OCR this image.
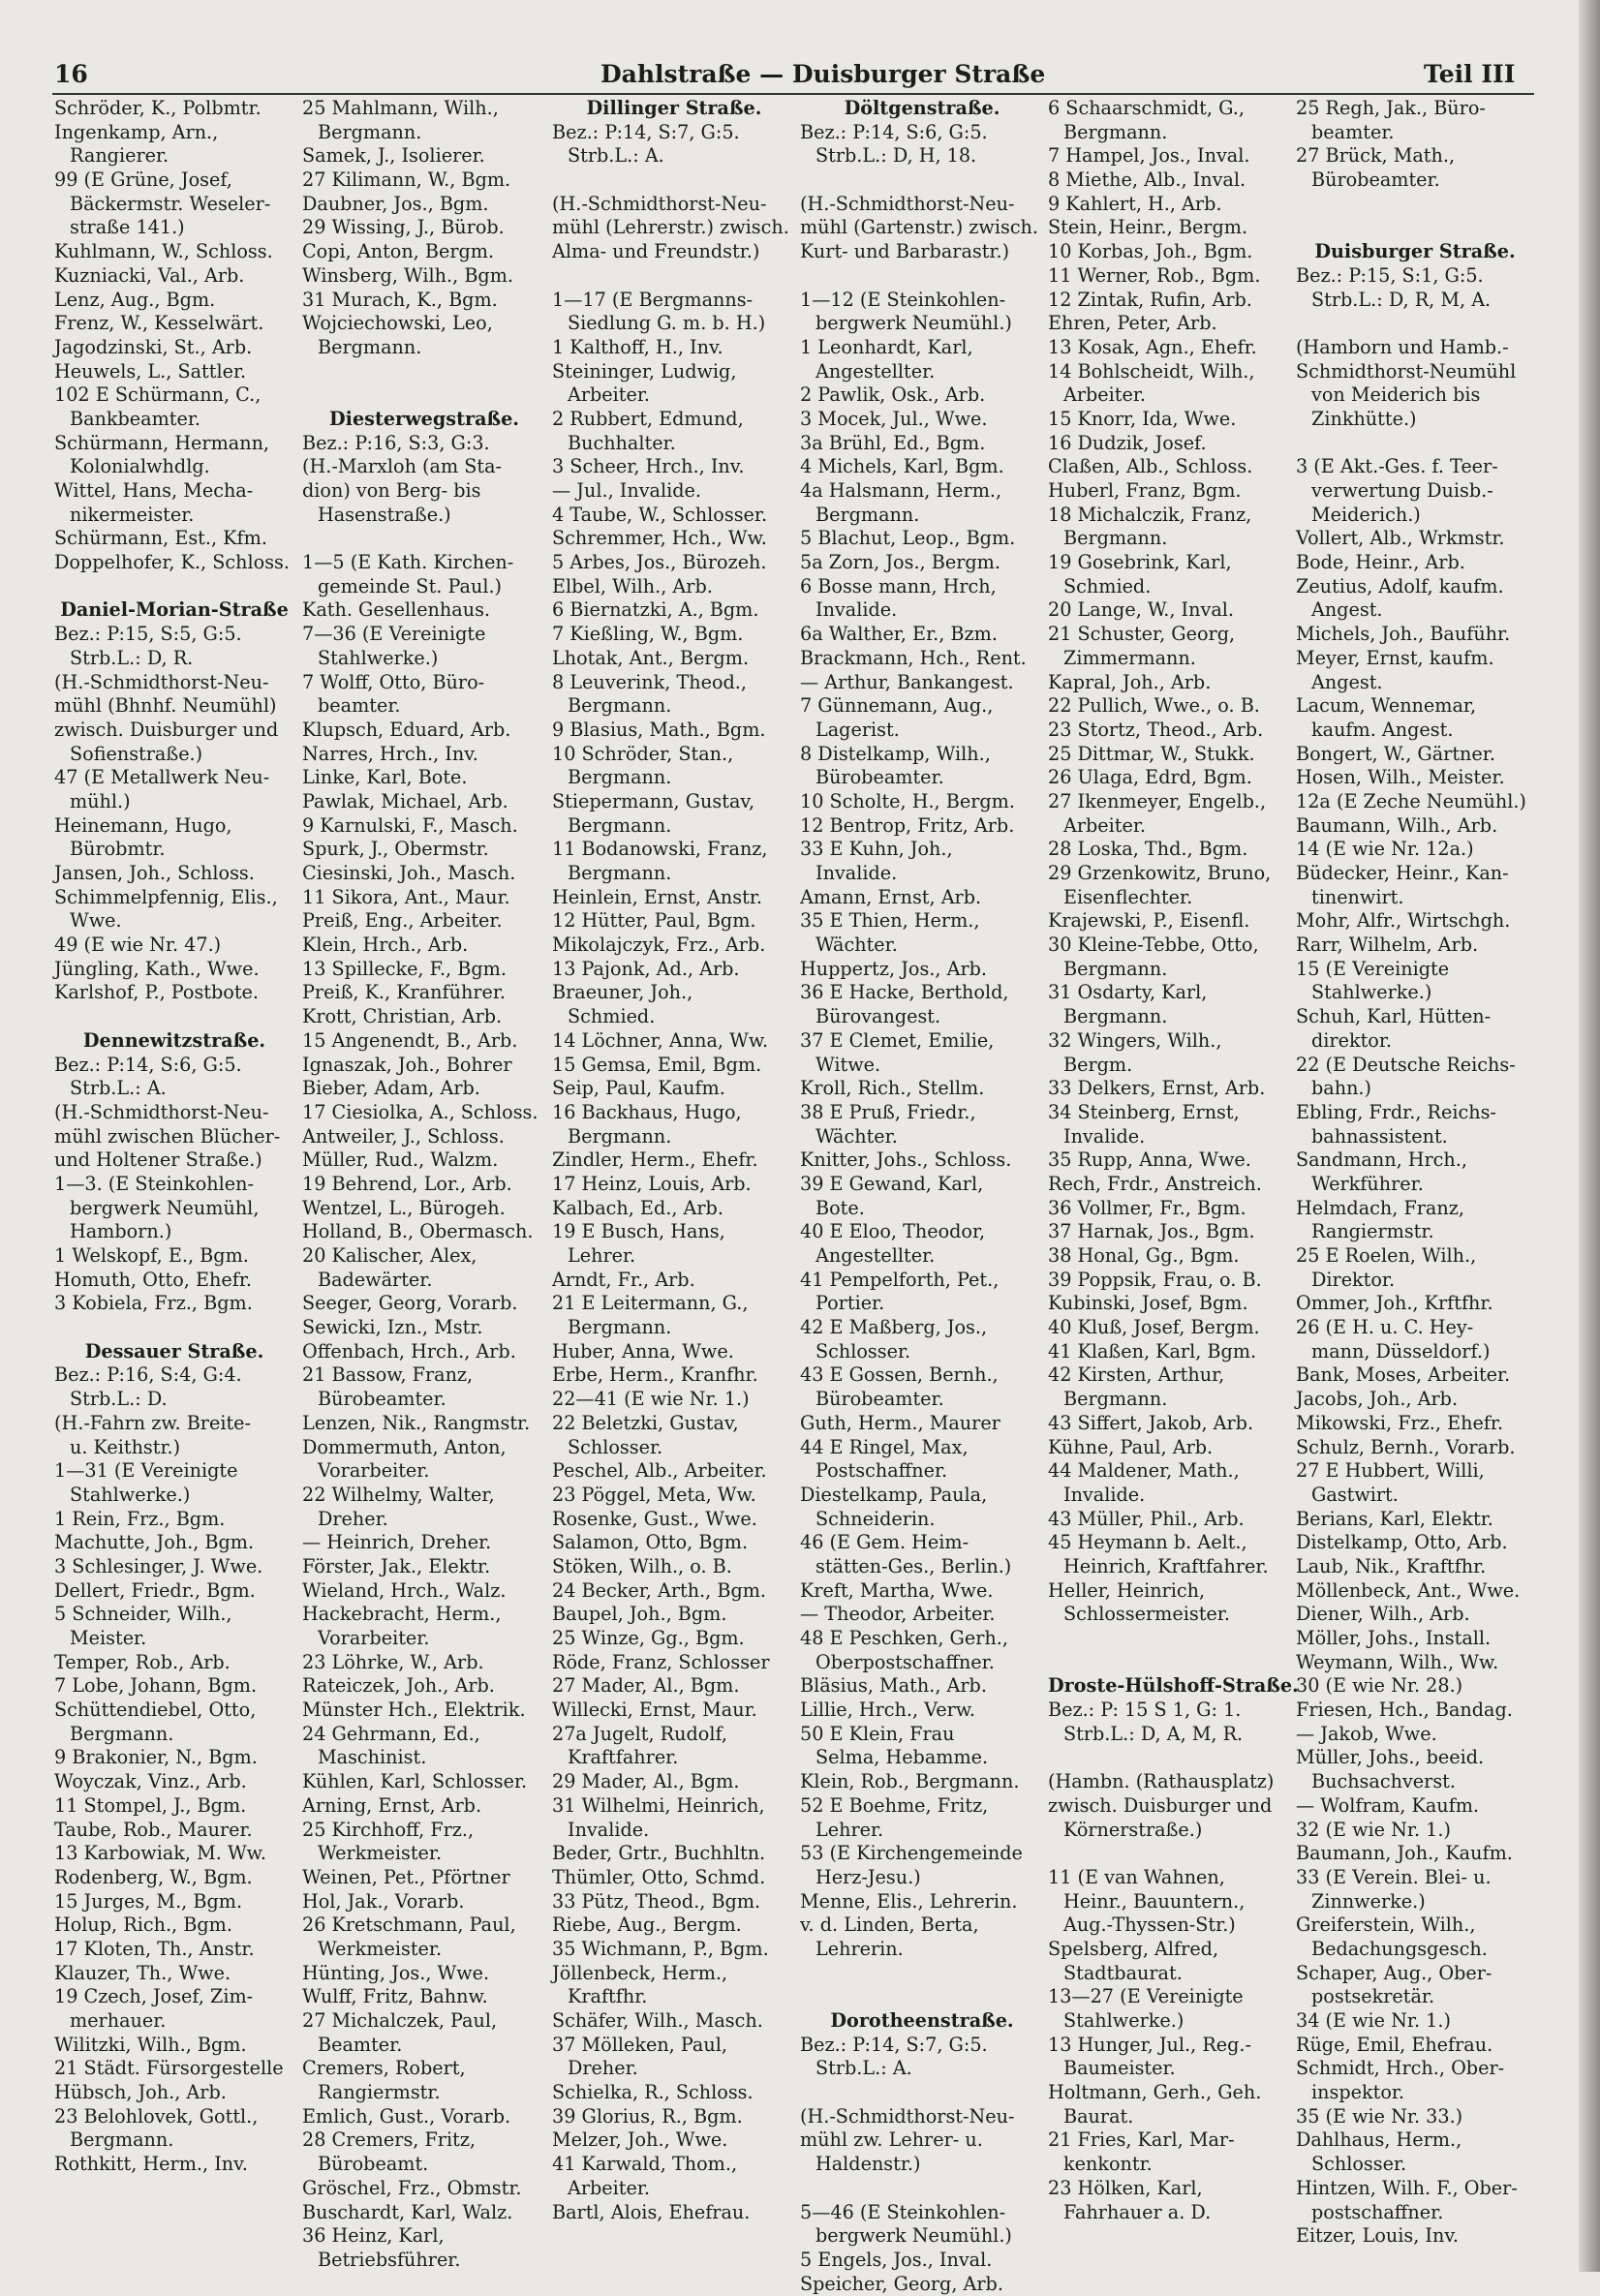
16	Dahlstraße — Duisburger Straße	Teil III
Schröder, K., Polbmtr.
Ingenkamp, Arn.,
Rangierer.
99 (E Grüne, Josef,
Bäckermstr. Weseler-
straße 141.)
Kuhlmann, W., Schloss.
Kuzniacki, Val., Arb.
Lenz, Aug., Bgm.
Frenz, W., Kesselwärt.
Jagodzinski, St., Arb.
Heuwels, L., Sattler.
102 E Schürmann, C.,
Bankbeamter.
Schürmann, Hermann,
Kolonialwhdlg.
Wittel, Hans, Mecha-
nikermeister.
Schürmann, Est., Kfm.
Doppelhofer, K., Schloss.
Daniel-Morian-Straße
Bez.: P:15, S:5, G:5.
Strb.L.: D, R.
(H.-Schmidthorst-Neu-
mühl (Bhnhf. Neumühl)
zwisch. Duisburger und
Sofienstraße.)
47 (E Metallwerk Neu-
mühl.)
Heinemann, Hugo,
Bürobmtr.
Jansen, Joh., Schloss.
Schimmelpfennig, Elis.,
Wwe.
49 (E wie Nr. 47.)
Jüngling, Kath., Wwe.
Karlshof, P., Postbote.
Dennewitzstraße.
Bez.: P:14, S:6, G:5.
Strb.L.: A.
(H.-Schmidthorst-Neu-
mühl zwischen Blücher-
und Holtener Straße.)
1—3. (E Steinkohlen-
bergwerk Neumühl,
Hamborn.)
1 Welskopf, E., Bgm.
Homuth, Otto, Ehefr.
3 Kobiela, Frz., Bgm.
Dessauer Straße.
Bez.: P:16, S:4, G:4.
Strb.L.: D.
(H.-Fahrn zw. Breite-
u. Keithstr.)
1—31 (E Vereinigte
Stahlwerke.)
1 Rein, Frz., Bgm.
Machutte, Joh., Bgm.
3 Schlesinger, J. Wwe.
Dellert, Friedr., Bgm.
5 Schneider, Wilh.,
Meister.
Temper, Rob., Arb.
7 Lobe, Johann, Bgm.
Schüttendiebel, Otto,
Bergmann.
9 Brakonier, N., Bgm.
Woyczak, Vinz., Arb.
11 Stompel, J., Bgm.
Taube, Rob., Maurer.
13 Karbowiak, M. Ww.
Rodenberg, W., Bgm.
15 Jurges, M., Bgm.
Holup, Rich., Bgm.
17 Kloten, Th., Anstr.
Klauzer, Th., Wwe.
19 Czech, Josef, Zim-
merhauer.
Wilitzki, Wilh., Bgm.
21 Städt. Fürsorgestelle
Hübsch, Joh., Arb.
23 Belohlovek, Gottl.,
Bergmann.
Rothkitt, Herm., Inv.
25 Mahlmann, Wilh.,
Bergmann.
Samek, J., Isolierer.
27 Kilimann, W., Bgm.
Daubner, Jos., Bgm.
29 Wissing, J., Bürob.
Copi, Anton, Bergm.
Winsberg, Wilh., Bgm.
31 Murach, K., Bgm.
Wojciechowski, Leo,
Bergmann.
Diesterwegstraße.
Bez.: P:16, S:3, G:3.
(H.-Marxloh (am Sta-
dion) von Berg- bis
Hasenstraße.)
1—5 (E Kath. Kirchen-
gemeinde St. Paul.)
Kath. Gesellenhaus.
7—36 (E Vereinigte
Stahlwerke.)
7 Wolff, Otto, Büro-
beamter.
Klupsch, Eduard, Arb.
Narres, Hrch., Inv.
Linke, Karl, Bote.
Pawlak, Michael, Arb.
9 Karnulski, F., Masch.
Spurk, J., Obermstr.
Ciesinski, Joh., Masch.
11 Sikora, Ant., Maur.
Preiß, Eng., Arbeiter.
Klein, Hrch., Arb.
13 Spillecke, F., Bgm.
Preiß, K., Kranführer.
Krott, Christian, Arb.
15 Angenendt, B., Arb.
Ignaszak, Joh., Bohrer
Bieber, Adam, Arb.
17 Ciesiolka, A., Schloss.
Antweiler, J., Schloss.
Müller, Rud., Walzm.
19 Behrend, Lor., Arb.
Wentzel, L., Bürogeh.
Holland, B., Obermasch.
20 Kalischer, Alex,
Badewärter.
Seeger, Georg, Vorarb.
Sewicki, Izn., Mstr.
Offenbach, Hrch., Arb.
21 Bassow, Franz,
Bürobeamter.
Lenzen, Nik., Rangmstr.
Dommermuth, Anton,
Vorarbeiter.
22 Wilhelmy, Walter,
Dreher.
— Heinrich, Dreher.
Förster, Jak., Elektr.
Wieland, Hrch., Walz.
Hackebracht, Herm.,
Vorarbeiter.
23 Löhrke, W., Arb.
Rateiczek, Joh., Arb.
Münster Hch., Elektrik.
24 Gehrmann, Ed.,
Maschinist.
Kühlen, Karl, Schlosser.
Arning, Ernst, Arb.
25 Kirchhoff, Frz.,
Werkmeister.
Weinen, Pet., Pförtner
Hol, Jak., Vorarb.
26 Kretschmann, Paul,
Werkmeister.
Hünting, Jos., Wwe.
Wulff, Fritz, Bahnw.
27 Michalczek, Paul,
Beamter.
Cremers, Robert,
Rangiermstr.
Emlich, Gust., Vorarb.
28 Cremers, Fritz,
Bürobeamt.
Gröschel, Frz., Obmstr.
Buschardt, Karl, Walz.
36 Heinz, Karl,
Betriebsführer.
Dillinger Straße.
Bez.: P:14, S:7, G:5.
Strb.L.: A.
(H.-Schmidthorst-Neu-
mühl (Lehrerstr.) zwisch.
Alma- und Freundstr.)
1—17 (E Bergmanns-
Siedlung G. m. b. H.)
1 Kalthoff, H., Inv.
Steininger, Ludwig,
Arbeiter.
2 Rubbert, Edmund,
Buchhalter.
3 Scheer, Hrch., Inv.
— Jul., Invalide.
4 Taube, W., Schlosser.
Schremmer, Hch., Ww.
5 Arbes, Jos., Bürozeh.
Elbel, Wilh., Arb.
6 Biernatzki, A., Bgm.
7 Kießling, W., Bgm.
Lhotak, Ant., Bergm.
8 Leuverink, Theod.,
Bergmann.
9 Blasius, Math., Bgm.
10 Schröder, Stan.,
Bergmann.
Stiepermann, Gustav,
Bergmann.
11 Bodanowski, Franz,
Bergmann.
Heinlein, Ernst, Anstr.
12 Hütter, Paul, Bgm.
Mikolajczyk, Frz., Arb.
13 Pajonk, Ad., Arb.
Braeuner, Joh.,
Schmied.
14 Löchner, Anna, Ww.
15 Gemsa, Emil, Bgm.
Seip, Paul, Kaufm.
16 Backhaus, Hugo,
Bergmann.
Zindler, Herm., Ehefr.
17 Heinz, Louis, Arb.
Kalbach, Ed., Arb.
19 E Busch, Hans,
Lehrer.
Arndt, Fr., Arb.
21 E Leitermann, G.,
Bergmann.
Huber, Anna, Wwe.
Erbe, Herm., Kranfhr.
22—41 (E wie Nr. 1.)
22 Beletzki, Gustav,
Schlosser.
Peschel, Alb., Arbeiter.
23 Pöggel, Meta, Ww.
Rosenke, Gust., Wwe.
Salamon, Otto, Bgm.
Stöken, Wilh., o. B.
24 Becker, Arth., Bgm.
Baupel, Joh., Bgm.
25 Winze, Gg., Bgm.
Röde, Franz, Schlosser
27 Mader, Al., Bgm.
Willecki, Ernst, Maur.
27a Jugelt, Rudolf,
Kraftfahrer.
29 Mader, Al., Bgm.
31 Wilhelmi, Heinrich,
Invalide.
Beder, Grtr., Buchhltn.
Thümler, Otto, Schmd.
33 Pütz, Theod., Bgm.
Riebe, Aug., Bergm.
35 Wichmann, P., Bgm.
Jöllenbeck, Herm.,
Kraftfhr.
Schäfer, Wilh., Masch.
37 Mölleken, Paul,
Dreher.
Schielka, R., Schloss.
39 Glorius, R., Bgm.
Melzer, Joh., Wwe.
41 Karwald, Thom.,
Arbeiter.
Bartl, Alois, Ehefrau.
Döltgenstraße.
Bez.: P:14, S:6, G:5.
Strb.L.: D, H, 18.
(H.-Schmidthorst-Neu-
mühl (Gartenstr.) zwisch.
Kurt- und Barbarastr.)
1—12 (E Steinkohlen-
bergwerk Neumühl.)
1 Leonhardt, Karl,
Angestellter.
2 Pawlik, Osk., Arb.
3 Mocek, Jul., Wwe.
3a Brühl, Ed., Bgm.
4 Michels, Karl, Bgm.
4a Halsmann, Herm.,
Bergmann.
5 Blachut, Leop., Bgm.
5a Zorn, Jos., Bergm.
6 Bosse mann, Hrch,
Invalide.
6a Walther, Er., Bzm.
Brackmann, Hch., Rent.
— Arthur, Bankangest.
7 Günnemann, Aug.,
Lagerist.
8 Distelkamp, Wilh.,
Bürobeamter.
10 Scholte, H., Bergm.
12 Bentrop, Fritz, Arb.
33 E Kuhn, Joh.,
Invalide.
Amann, Ernst, Arb.
35 E Thien, Herm.,
Wächter.
Huppertz, Jos., Arb.
36 E Hacke, Berthold,
Bürovangest.
37 E Clemet, Emilie,
Witwe.
Kroll, Rich., Stellm.
38 E Pruß, Friedr.,
Wächter.
Knitter, Johs., Schloss.
39 E Gewand, Karl,
Bote.
40 E Eloo, Theodor,
Angestellter.
41 Pempelforth, Pet.,
Portier.
42 E Maßberg, Jos.,
Schlosser.
43 E Gossen, Bernh.,
Bürobeamter.
Guth, Herm., Maurer
44 E Ringel, Max,
Postschaffner.
Diestelkamp, Paula,
Schneiderin.
46 (E Gem. Heim-
stätten-Ges., Berlin.)
Kreft, Martha, Wwe.
— Theodor, Arbeiter.
48 E Peschken, Gerh.,
Oberpostschaffner.
Bläsius, Math., Arb.
Lillie, Hrch., Verw.
50 E Klein, Frau
Selma, Hebamme.
Klein, Rob., Bergmann.
52 E Boehme, Fritz,
Lehrer.
53 (E Kirchengemeinde
Herz-Jesu.)
Menne, Elis., Lehrerin.
v. d. Linden, Berta,
Lehrerin.
Dorotheenstraße.
Bez.: P:14, S:7, G:5.
Strb.L.: A.
(H.-Schmidthorst-Neu-
mühl zw. Lehrer- u.
Haldenstr.)
5—46 (E Steinkohlen-
bergwerk Neumühl.)
5 Engels, Jos., Inval.
Speicher, Georg, Arb.
6 Schaarschmidt, G.,
Bergmann.
7 Hampel, Jos., Inval.
8 Miethe, Alb., Inval.
9 Kahlert, H., Arb.
Stein, Heinr., Bergm.
10 Korbas, Joh., Bgm.
11 Werner, Rob., Bgm.
12 Zintak, Rufin, Arb.
Ehren, Peter, Arb.
13 Kosak, Agn., Ehefr.
14 Bohlscheidt, Wilh.,
Arbeiter.
15 Knorr, Ida, Wwe.
16 Dudzik, Josef.
Claßen, Alb., Schloss.
Huberl, Franz, Bgm.
18 Michalczik, Franz,
Bergmann.
19 Gosebrink, Karl,
Schmied.
20 Lange, W., Inval.
21 Schuster, Georg,
Zimmermann.
Kapral, Joh., Arb.
22 Pullich, Wwe., o. B.
23 Stortz, Theod., Arb.
25 Dittmar, W., Stukk.
26 Ulaga, Edrd, Bgm.
27 Ikenmeyer, Engelb.,
Arbeiter.
28 Loska, Thd., Bgm.
29 Grzenkowitz, Bruno,
Eisenflechter.
Krajewski, P., Eisenfl.
30 Kleine-Tebbe, Otto,
Bergmann.
31 Osdarty, Karl,
Bergmann.
32 Wingers, Wilh.,
Bergm.
33 Delkers, Ernst, Arb.
34 Steinberg, Ernst,
Invalide.
35 Rupp, Anna, Wwe.
Rech, Frdr., Anstreich.
36 Vollmer, Fr., Bgm.
37 Harnak, Jos., Bgm.
38 Honal, Gg., Bgm.
39 Poppsik, Frau, o. B.
Kubinski, Josef, Bgm.
40 Kluß, Josef, Bergm.
41 Klaßen, Karl, Bgm.
42 Kirsten, Arthur,
Bergmann.
43 Siffert, Jakob, Arb.
Kühne, Paul, Arb.
44 Maldener, Math.,
Invalide.
43 Müller, Phil., Arb.
45 Heymann b. Aelt.,
Heinrich, Kraftfahrer.
Heller, Heinrich,
Schlossermeister.
Droste-Hülshoff-Straße.
Bez.: P: 15 S 1, G: 1.
Strb.L.: D, A, M, R.
(Hambn. (Rathausplatz)
zwisch. Duisburger und
Körnerstraße.)
11 (E van Wahnen,
Heinr., Bauuntern.,
Aug.-Thyssen-Str.)
Spelsberg, Alfred,
Stadtbaurat.
13—27 (E Vereinigte
Stahlwerke.)
13 Hunger, Jul., Reg.-
Baumeister.
Holtmann, Gerh., Geh.
Baurat.
21 Fries, Karl, Mar-
kenkontr.
23 Hölken, Karl,
Fahrhauer a. D.
25 Regh, Jak., Büro-
beamter.
27 Brück, Math.,
Bürobeamter.
Duisburger Straße.
Bez.: P:15, S:1, G:5.
Strb.L.: D, R, M, A.
(Hamborn und Hamb.-
Schmidthorst-Neumühl
von Meiderich bis
Zinkhütte.)
3 (E Akt.-Ges. f. Teer-
verwertung Duisb.-
Meiderich.)
Vollert, Alb., Wrkmstr.
Bode, Heinr., Arb.
Zeutius, Adolf, kaufm.
Angest.
Michels, Joh., Bauführ.
Meyer, Ernst, kaufm.
Angest.
Lacum, Wennemar,
kaufm. Angest.
Bongert, W., Gärtner.
Hosen, Wilh., Meister.
12a (E Zeche Neumühl.)
Baumann, Wilh., Arb.
14 (E wie Nr. 12a.)
Büdecker, Heinr., Kan-
tinenwirt.
Mohr, Alfr., Wirtschgh.
Rarr, Wilhelm, Arb.
15 (E Vereinigte
Stahlwerke.)
Schuh, Karl, Hütten-
direktor.
22 (E Deutsche Reichs-
bahn.)
Ebling, Frdr., Reichs-
bahnassistent.
Sandmann, Hrch.,
Werkführer.
Helmdach, Franz,
Rangiermstr.
25 E Roelen, Wilh.,
Direktor.
Ommer, Joh., Krftfhr.
26 (E H. u. C. Hey-
mann, Düsseldorf.)
Bank, Moses, Arbeiter.
Jacobs, Joh., Arb.
Mikowski, Frz., Ehefr.
Schulz, Bernh., Vorarb.
27 E Hubbert, Willi,
Gastwirt.
Berians, Karl, Elektr.
Distelkamp, Otto, Arb.
Laub, Nik., Kraftfhr.
Möllenbeck, Ant., Wwe.
Diener, Wilh., Arb.
Möller, Johs., Install.
Weymann, Wilh., Ww.
30 (E wie Nr. 28.)
Friesen, Hch., Bandag.
— Jakob, Wwe.
Müller, Johs., beeid.
Buchsachverst.
— Wolfram, Kaufm.
32 (E wie Nr. 1.)
Baumann, Joh., Kaufm.
33 (E Verein. Blei- u.
Zinnwerke.)
Greiferstein, Wilh.,
Bedachungsgesch.
Schaper, Aug., Ober-
postsekretär.
34 (E wie Nr. 1.)
Rüge, Emil, Ehefrau.
Schmidt, Hrch., Ober-
inspektor.
35 (E wie Nr. 33.)
Dahlhaus, Herm.,
Schlosser.
Hintzen, Wilh. F., Ober-
postschaffner.
Eitzer, Louis, Inv.
